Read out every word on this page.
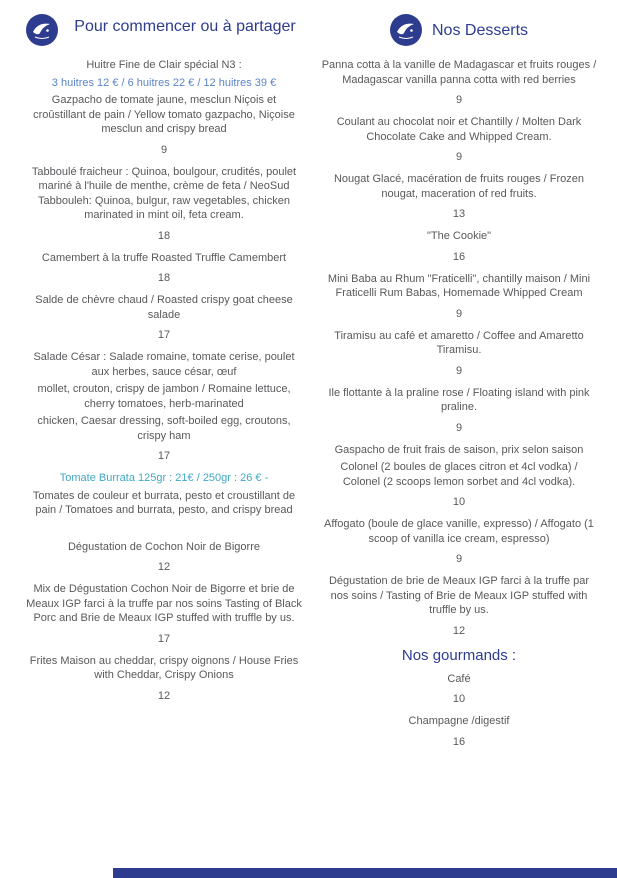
Pour commencer ou à partager

Huitre Fine de Clair spécial N3 :

3 huitres 12 € / 6 huitres 22 € / 12 huitres 39 €

Gazpacho de tomate jaune, mesclun Niçois et croûstillant de pain / Yellow tomato gazpacho, Niçoise mesclun and crispy bread

9

Tabboulé fraicheur : Quinoa, boulgour, crudités, poulet mariné à l'huile de menthe, crème de feta / NeoSud Tabbouleh: Quinoa, bulgur, raw vegetables, chicken marinated in mint oil, feta cream.

18

Camembert à la truffe Roasted Truffle Camembert

18

Salde de chèvre chaud / Roasted crispy goat cheese salade

17

Salade César : Salade romaine, tomate cerise, poulet aux herbes, sauce césar, œuf

mollet, crouton, crispy de jambon / Romaine lettuce, cherry tomatoes, herb-marinated

chicken, Caesar dressing, soft-boiled egg, croutons, crispy ham

17

Tomate Burrata 125gr : 21€ / 250gr : 26 € -

Tomates de couleur et burrata, pesto et croustillant de pain / Tomatoes and burrata, pesto, and crispy bread

Dégustation de Cochon Noir de Bigorre

12

Mix de Dégustation Cochon Noir de Bigorre et brie de Meaux IGP farci à la truffe par nos soins Tasting of Black Porc and Brie de Meaux IGP stuffed with truffle by us.

17

Frites Maison au cheddar, crispy oignons / House Fries with Cheddar, Crispy Onions

12
Nos Desserts

Panna cotta à la vanille de Madagascar et fruits rouges / Madagascar vanilla panna cotta with red berries

9

Coulant au chocolat noir et Chantilly / Molten Dark Chocolate Cake and Whipped Cream.

9

Nougat Glacé, macération de fruits rouges / Frozen nougat, maceration of red fruits.

13

"The Cookie"

16

Mini Baba au Rhum "Fraticelli", chantilly maison / Mini Fraticelli Rum Babas, Homemade Whipped Cream

9

Tiramisu au café et amaretto / Coffee and Amaretto Tiramisu.

9

Ile flottante à la praline rose / Floating island with pink praline.

9

Gaspacho de fruit frais de saison, prix selon saison

Colonel (2 boules de glaces citron et 4cl vodka) / Colonel (2 scoops lemon sorbet and 4cl vodka).

10

Affogato (boule de glace vanille, expresso) / Affogato (1 scoop of vanilla ice cream, espresso)

9

Dégustation de brie de Meaux IGP farci à la truffe par nos soins / Tasting of Brie de Meaux IGP stuffed with truffle by us.

12
Nos gourmands :

Café

10

Champagne /digestif

16
